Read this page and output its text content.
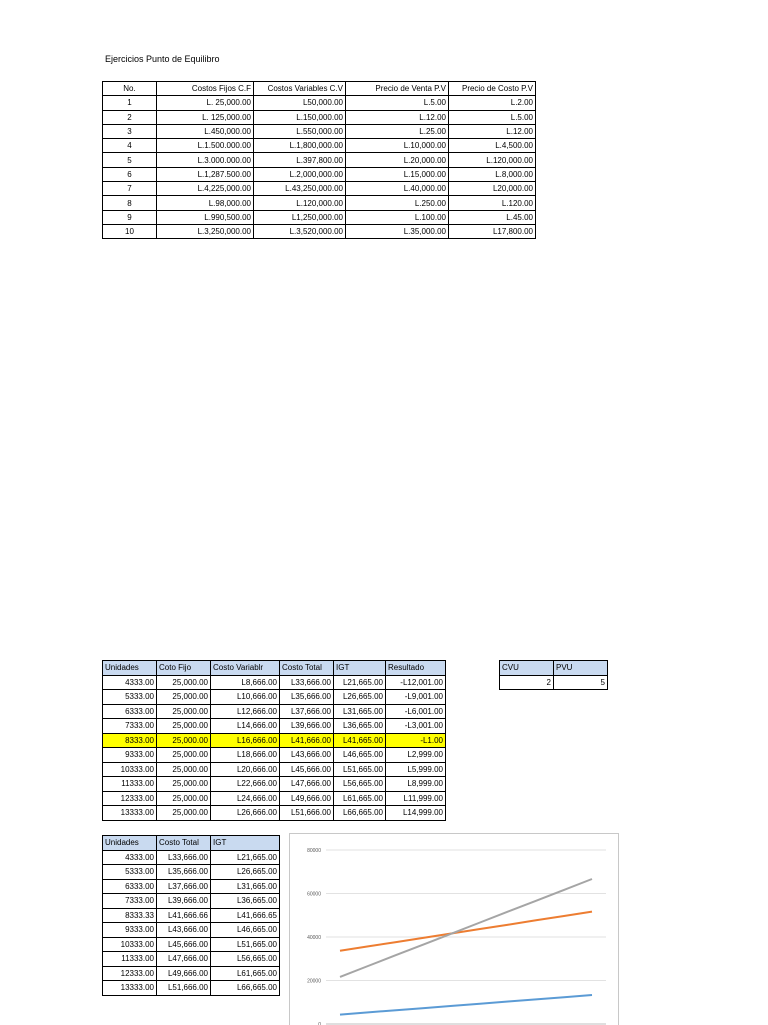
Ejercicios Punto de Equilibro
No.	Costos Fijos C.F	Costos Variables C.V	Precio de Venta P.V	Precio de Costo P.V
1	L. 25,000.00	L50,000.00	L.5.00	L.2.00
2	L. 125,000.00	L.150,000.00	L.12.00	L.5.00
3	L.450,000.00	L.550,000.00	L.25.00	L.12.00
4	L.1.500.000.00	L.1,800,000.00	L.10,000.00	L.4,500.00
5	L.3.000.000.00	L.397,800.00	L.20,000.00	L.120,000.00
6	L.1,287.500.00	L.2,000,000.00	L.15,000.00	L.8,000.00
7	L.4,225,000.00	L.43,250,000.00	L.40,000.00	L20,000.00
8	L.98,000.00	L.120,000.00	L.250.00	L.120.00
9	L.990,500.00	L1,250,000.00	L.100.00	L.45.00
10	L.3,250,000.00	L.3,520,000.00	L.35,000.00	L17,800.00
Unidades	Coto Fijo	Costo Variablr	Costo Total	IGT	Resultado
4333.00	25,000.00	L8,666.00	L33,666.00	L21,665.00	-L12,001.00
5333.00	25,000.00	L10,666.00	L35,666.00	L26,665.00	-L9,001.00
6333.00	25,000.00	L12,666.00	L37,666.00	L31,665.00	-L6,001.00
7333.00	25,000.00	L14,666.00	L39,666.00	L36,665.00	-L3,001.00
8333.00	25,000.00	L16,666.00	L41,666.00	L41,665.00	-L1.00
9333.00	25,000.00	L18,666.00	L43,666.00	L46,665.00	L2,999.00
10333.00	25,000.00	L20,666.00	L45,666.00	L51,665.00	L5,999.00
11333.00	25,000.00	L22,666.00	L47,666.00	L56,665.00	L8,999.00
12333.00	25,000.00	L24,666.00	L49,666.00	L61,665.00	L11,999.00
13333.00	25,000.00	L26,666.00	L51,666.00	L66,665.00	L14,999.00
CVU	PVU
2	5
Unidades	Costo Total	IGT
4333.00	L33,666.00	L21,665.00
5333.00	L35,666.00	L26,665.00
6333.00	L37,666.00	L31,665.00
7333.00	L39,666.00	L36,665.00
8333.33	L41,666.66	L41,666.65
9333.00	L43,666.00	L46,665.00
10333.00	L45,666.00	L51,665.00
11333.00	L47,666.00	L56,665.00
12333.00	L49,666.00	L61,665.00
13333.00	L51,666.00	L66,665.00
0
20000
40000
60000
80000
